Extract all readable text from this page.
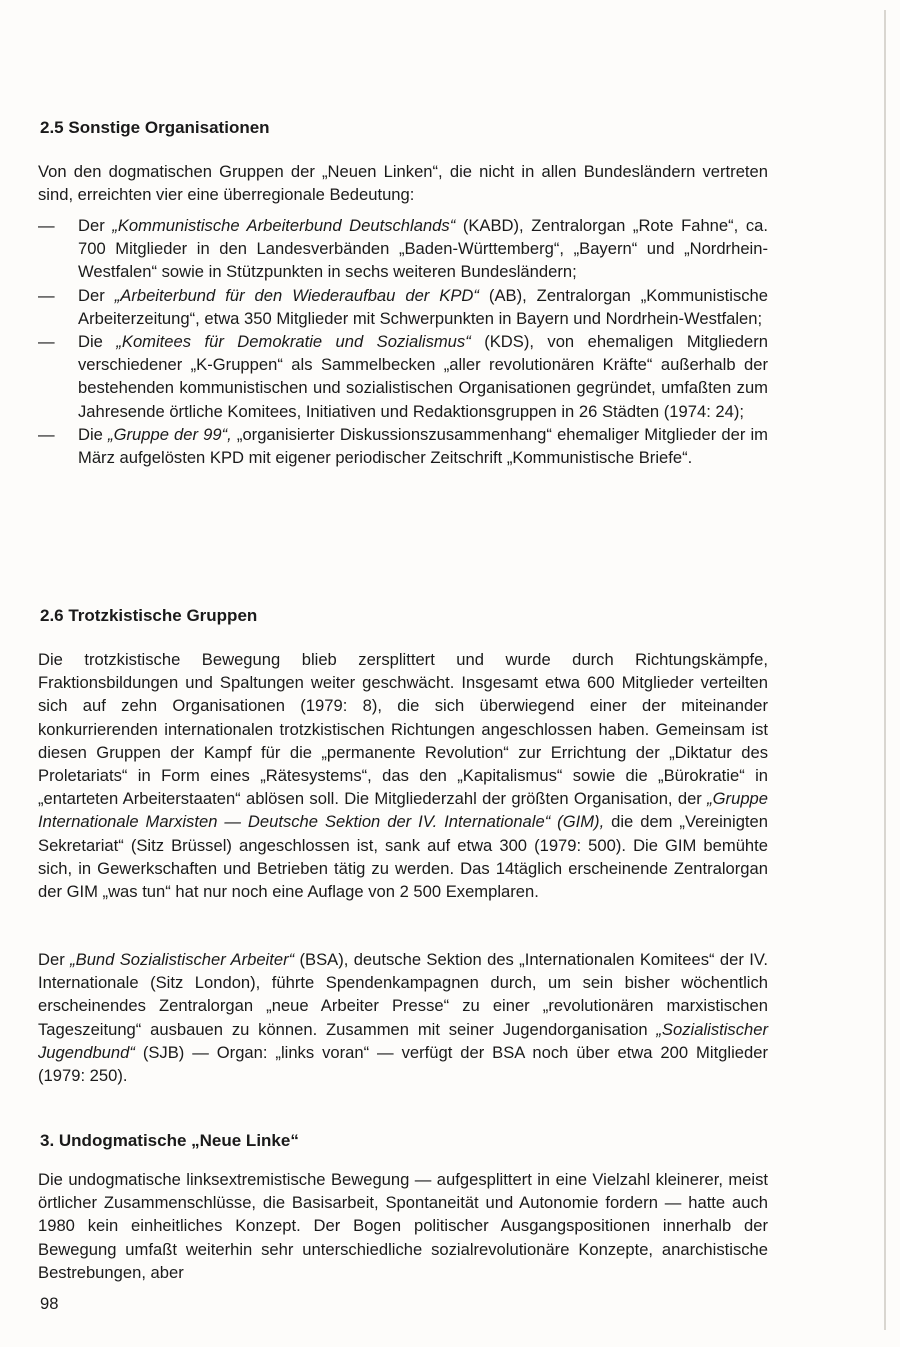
2.5 Sonstige Organisationen

Von den dogmatischen Gruppen der „Neuen Linken“, die nicht in allen Bundesländern vertreten sind, erreichten vier eine überregionale Bedeutung:

—	Der „Kommunistische Arbeiterbund Deutschlands“ (KABD), Zentralorgan „Rote Fahne“, ca. 700 Mitglieder in den Landesverbänden „Baden-Württemberg“, „Bayern“ und „Nordrhein-Westfalen“ sowie in Stützpunkten in sechs weiteren Bundesländern;
—	Der „Arbeiterbund für den Wiederaufbau der KPD“ (AB), Zentralorgan „Kommunistische Arbeiterzeitung“, etwa 350 Mitglieder mit Schwerpunkten in Bayern und Nordrhein-Westfalen;
—	Die „Komitees für Demokratie und Sozialismus“ (KDS), von ehemaligen Mitgliedern verschiedener „K-Gruppen“ als Sammelbecken „aller revolutionären Kräfte“ außerhalb der bestehenden kommunistischen und sozialistischen Organisationen gegründet, umfaßten zum Jahresende örtliche Komitees, Initiativen und Redaktionsgruppen in 26 Städten (1974: 24);
—	Die „Gruppe der 99“, „organisierter Diskussionszusammenhang“ ehemaliger Mitglieder der im März aufgelösten KPD mit eigener periodischer Zeitschrift „Kommunistische Briefe“.
2.6 Trotzkistische Gruppen

Die trotzkistische Bewegung blieb zersplittert und wurde durch Richtungskämpfe, Fraktionsbildungen und Spaltungen weiter geschwächt. Insgesamt etwa 600 Mitglieder verteilten sich auf zehn Organisationen (1979: 8), die sich überwiegend einer der miteinander konkurrierenden internationalen trotzkistischen Richtungen angeschlossen haben. Gemeinsam ist diesen Gruppen der Kampf für die „permanente Revolution“ zur Errichtung der „Diktatur des Proletariats“ in Form eines „Rätesystems“, das den „Kapitalismus“ sowie die „Bürokratie“ in „entarteten Arbeiterstaaten“ ablösen soll. Die Mitgliederzahl der größten Organisation, der „Gruppe Internationale Marxisten — Deutsche Sektion der IV. Internationale“ (GIM), die dem „Vereinigten Sekretariat“ (Sitz Brüssel) angeschlossen ist, sank auf etwa 300 (1979: 500). Die GIM bemühte sich, in Gewerkschaften und Betrieben tätig zu werden. Das 14täglich erscheinende Zentralorgan der GIM „was tun“ hat nur noch eine Auflage von 2 500 Exemplaren.

Der „Bund Sozialistischer Arbeiter“ (BSA), deutsche Sektion des „Internationalen Komitees“ der IV. Internationale (Sitz London), führte Spendenkampagnen durch, um sein bisher wöchentlich erscheinendes Zentralorgan „neue Arbeiter Presse“ zu einer „revolutionären marxistischen Tageszeitung“ ausbauen zu können. Zusammen mit seiner Jugendorganisation „Sozialistischer Jugendbund“ (SJB) — Organ: „links voran“ — verfügt der BSA noch über etwa 200 Mitglieder (1979: 250).

3. Undogmatische „Neue Linke“

Die undogmatische linksextremistische Bewegung — aufgesplittert in eine Vielzahl kleinerer, meist örtlicher Zusammenschlüsse, die Basisarbeit, Spontaneität und Autonomie fordern — hatte auch 1980 kein einheitliches Konzept. Der Bogen politischer Ausgangspositionen innerhalb der Bewegung umfaßt weiterhin sehr unterschiedliche sozialrevolutionäre Konzepte, anarchistische Bestrebungen, aber

98
